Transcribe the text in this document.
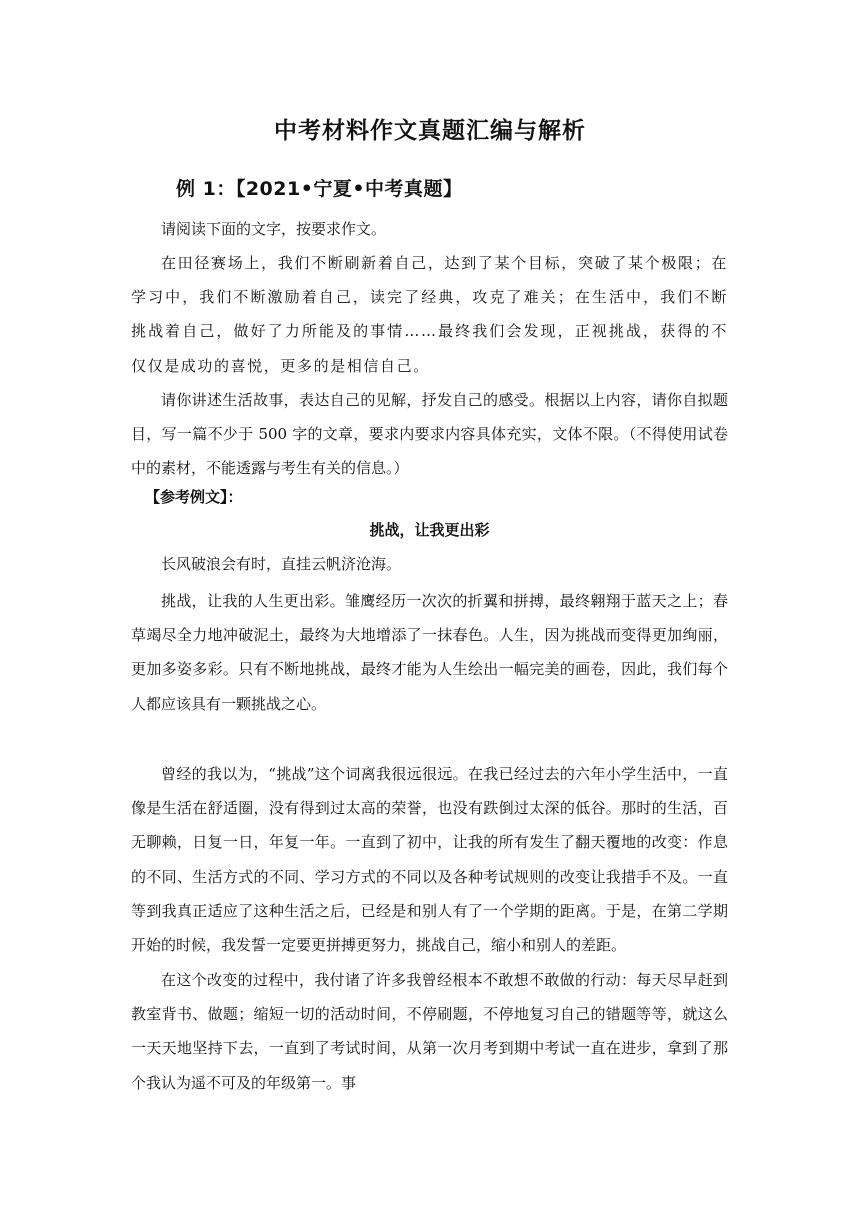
中考材料作文真题汇编与解析
例 1：【2021•宁夏•中考真题】

请阅读下面的文字，按要求作文。

在田径赛场上，我们不断刷新着自己，达到了某个目标，突破了某个极限；在学习中，我们不断激励着自己，读完了经典，攻克了难关；在生活中，我们不断挑战着自己，做好了力所能及的事情……最终我们会发现，正视挑战，获得的不仅仅是成功的喜悦，更多的是相信自己。

请你讲述生活故事，表达自己的见解，抒发自己的感受。根据以上内容，请你自拟题目，写一篇不少于 500 字的文章，要求内要求内容具体充实，文体不限。（不得使用试卷中的素材，不能透露与考生有关的信息。）

【参考例文】：
挑战，让我更出彩

长风破浪会有时，直挂云帆济沧海。

挑战，让我的人生更出彩。雏鹰经历一次次的折翼和拼搏，最终翱翔于蓝天之上；春草竭尽全力地冲破泥土，最终为大地增添了一抹春色。人生，因为挑战而变得更加绚丽，更加多姿多彩。只有不断地挑战，最终才能为人生绘出一幅完美的画卷，因此，我们每个人都应该具有一颗挑战之心。

曾经的我以为，“挑战”这个词离我很远很远。在我已经过去的六年小学生活中，一直像是生活在舒适圈，没有得到过太高的荣誉，也没有跌倒过太深的低谷。那时的生活，百无聊赖，日复一日，年复一年。一直到了初中，让我的所有发生了翻天覆地的改变：作息的不同、生活方式的不同、学习方式的不同以及各种考试规则的改变让我措手不及。一直等到我真正适应了这种生活之后，已经是和别人有了一个学期的距离。于是，在第二学期开始的时候，我发誓一定要更拼搏更努力，挑战自己，缩小和别人的差距。

在这个改变的过程中，我付诸了许多我曾经根本不敢想不敢做的行动：每天尽早赶到教室背书、做题；缩短一切的活动时间，不停刷题，不停地复习自己的错题等等，就这么一天天地坚持下去，一直到了考试时间，从第一次月考到期中考试一直在进步，拿到了那个我认为遥不可及的年级第一。事
